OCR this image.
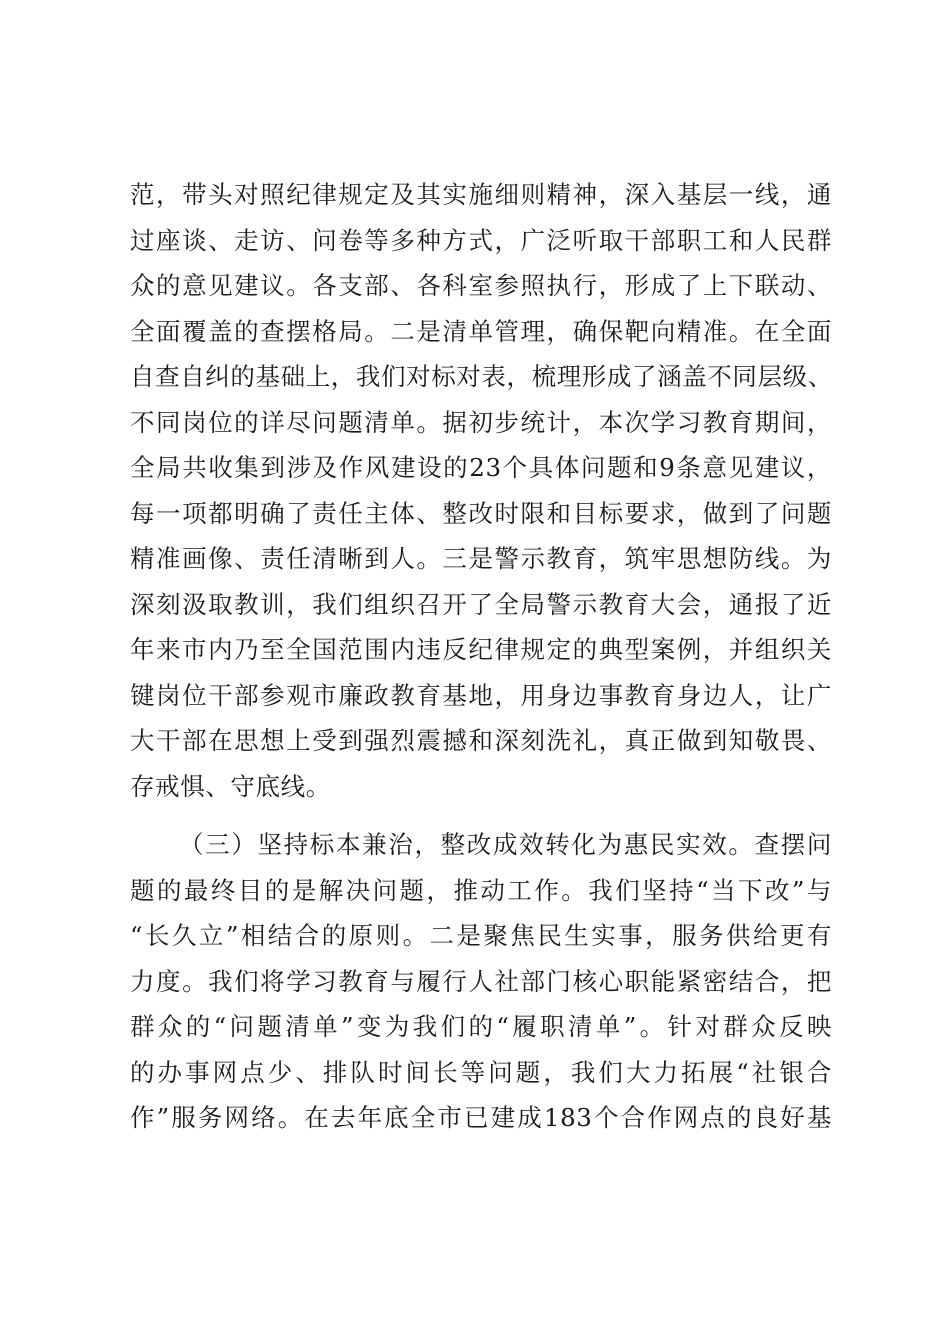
范，带头对照纪律规定及其实施细则精神，深入基层一线，通
过座谈、走访、问卷等多种方式，广泛听取干部职工和人民群
众的意见建议。各支部、各科室参照执行，形成了上下联动、
全面覆盖的查摆格局。二是清单管理，确保靶向精准。在全面
自查自纠的基础上，我们对标对表，梳理形成了涵盖不同层级、
不同岗位的详尽问题清单。据初步统计，本次学习教育期间，
全局共收集到涉及作风建设的23个具体问题和9条意见建议，
每一项都明确了责任主体、整改时限和目标要求，做到了问题
精准画像、责任清晰到人。三是警示教育，筑牢思想防线。为
深刻汲取教训，我们组织召开了全局警示教育大会，通报了近
年来市内乃至全国范围内违反纪律规定的典型案例，并组织关
键岗位干部参观市廉政教育基地，用身边事教育身边人，让广
大干部在思想上受到强烈震撼和深刻洗礼，真正做到知敬畏、
存戒惧、守底线。
（三）坚持标本兼治，整改成效转化为惠民实效。查摆问
题的最终目的是解决问题，推动工作。我们坚持“当下改”与
“长久立”相结合的原则。二是聚焦民生实事，服务供给更有
力度。我们将学习教育与履行人社部门核心职能紧密结合，把
群众的“问题清单”变为我们的“履职清单”。针对群众反映
的办事网点少、排队时间长等问题，我们大力拓展“社银合
作”服务网络。在去年底全市已建成183个合作网点的良好基
